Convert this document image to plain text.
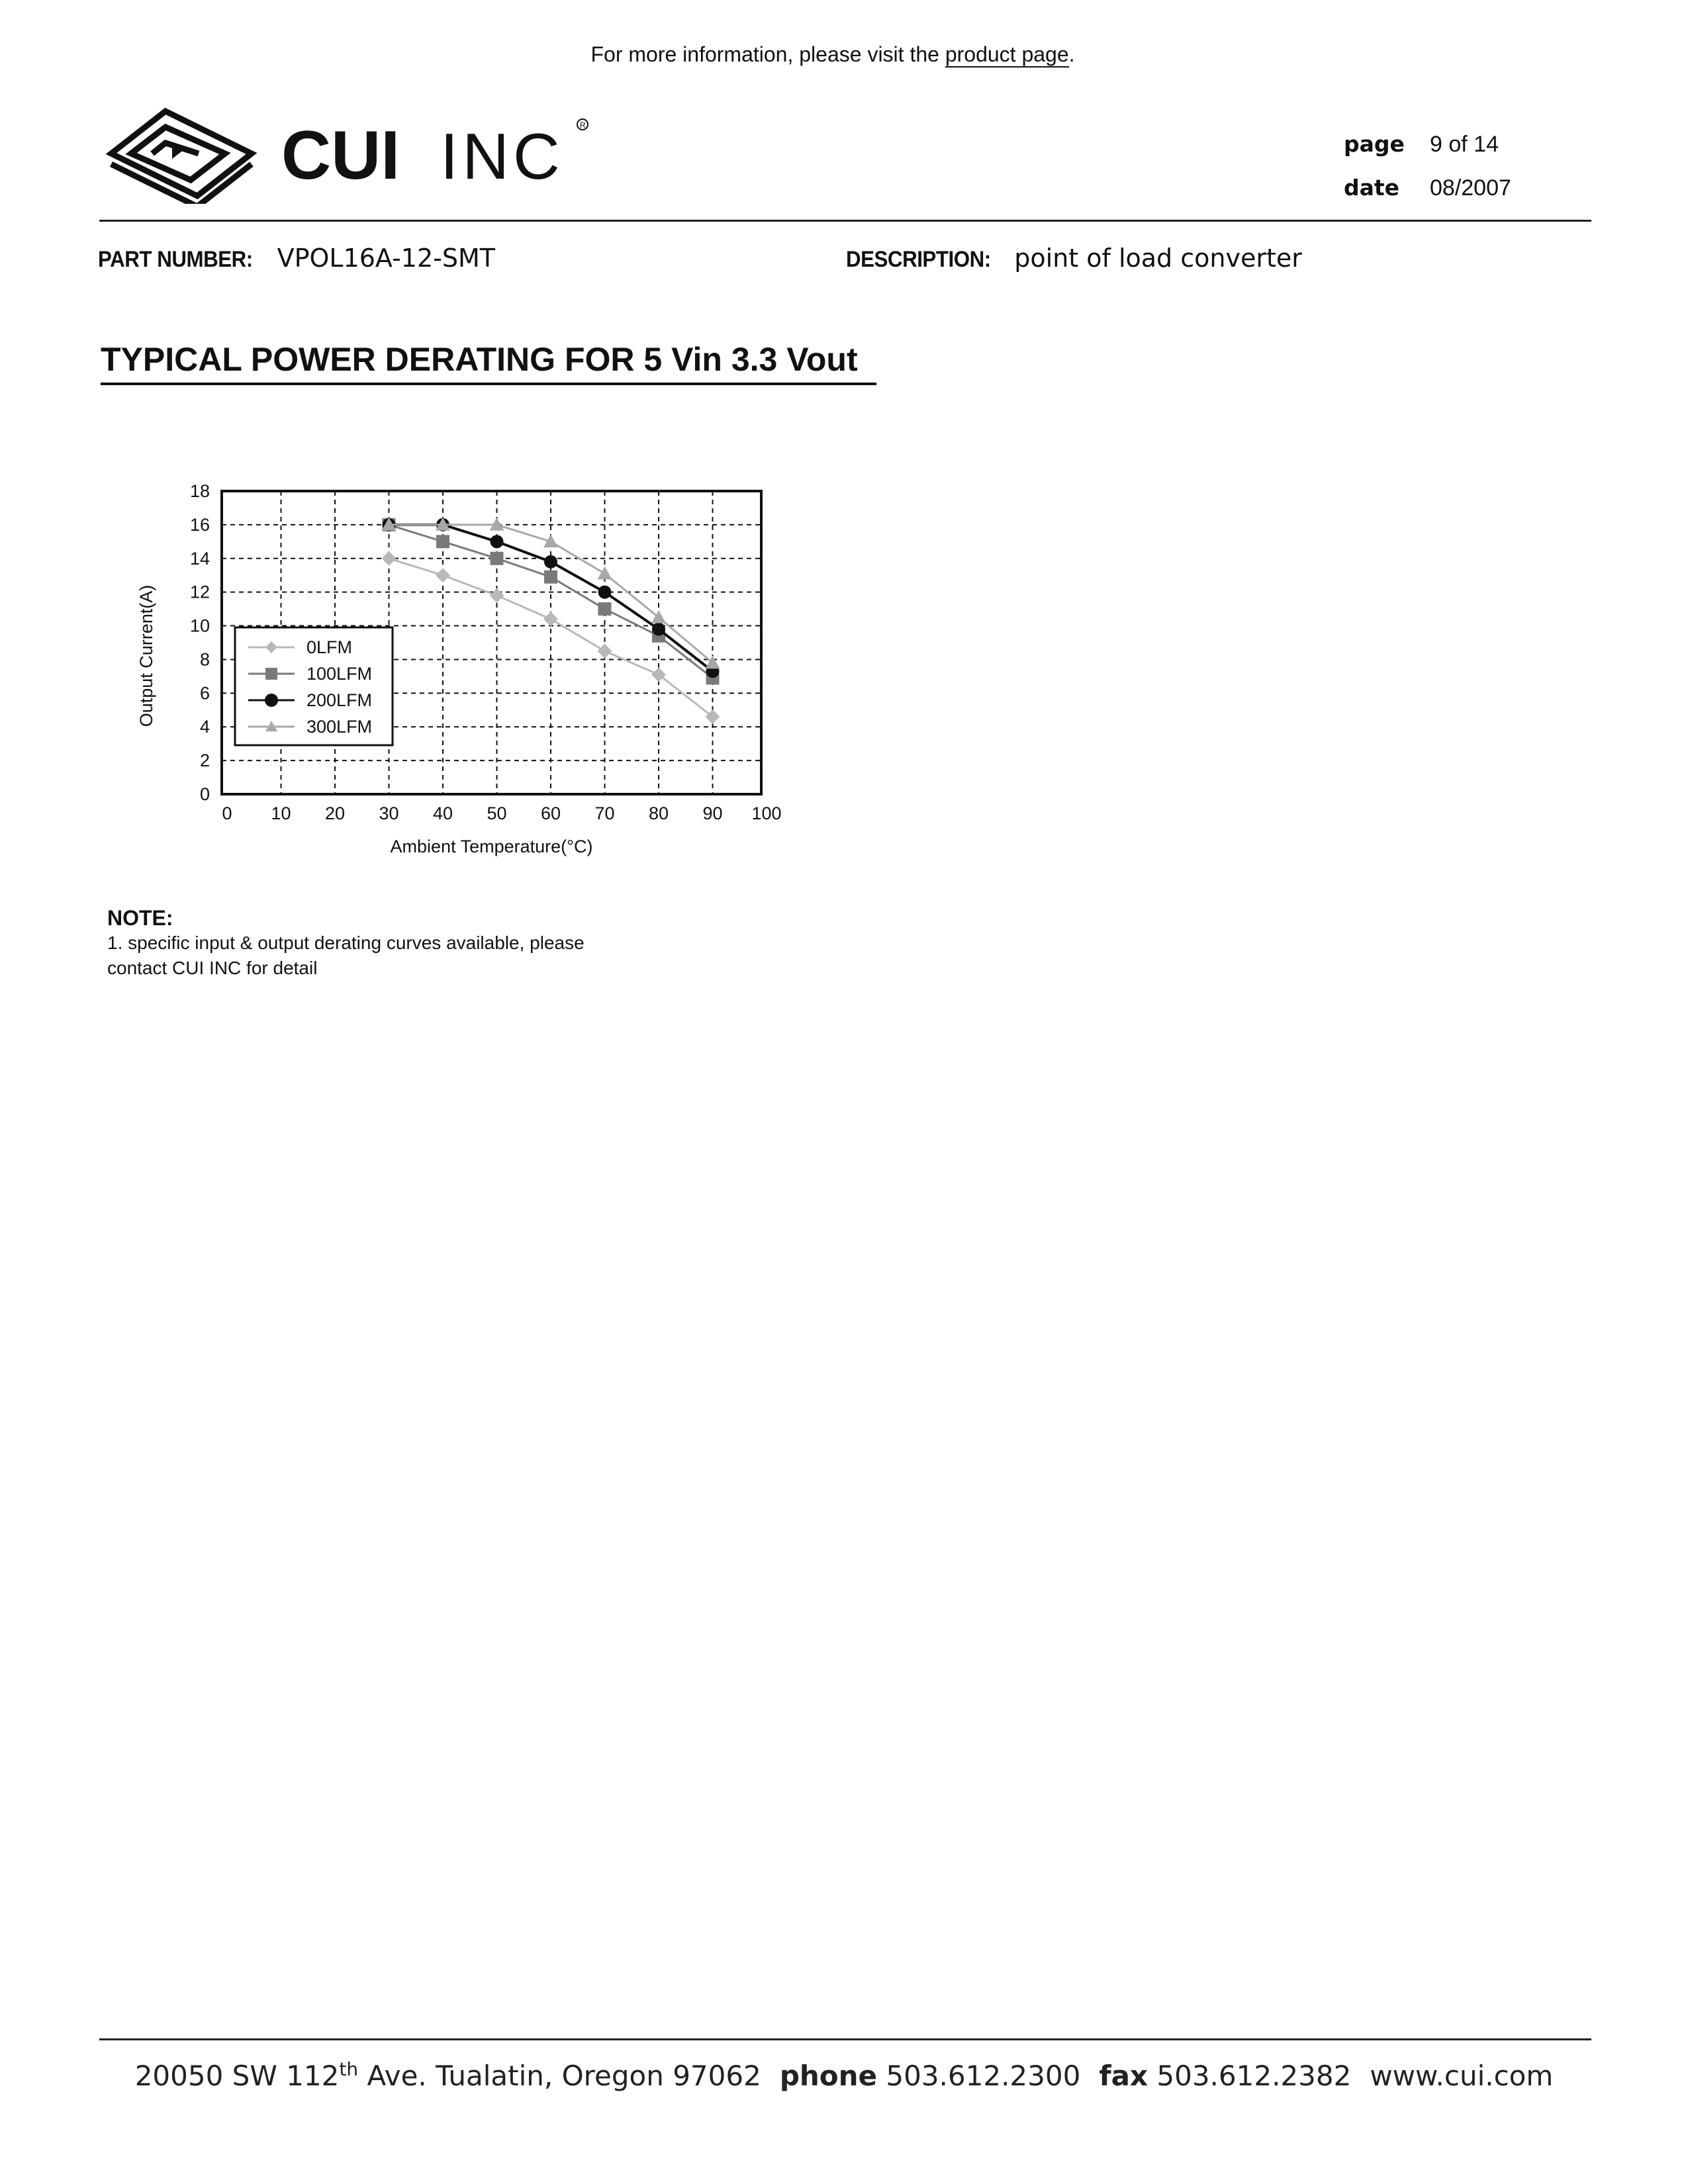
For more information, please visit the product page.
CUI INC R
page	9 of 14
date	08/2007
PART NUMBER: VPOL16A-12-SMT	DESCRIPTION: point of load converter
TYPICAL POWER DERATING FOR 5 Vin 3.3 Vout
0 10 20 30 40 50 60 70 80 90 100
0
2
4
6
8
10
12
14
16
18
Ambient Temperature(°C)
Output Current(A)	0LFM
100LFM
200LFM
300LFM
NOTE:
1. specific input & output derating curves available, please
contact CUI INC for detail
20050 SW 112th Ave. Tualatin, Oregon 97062 phone 503.612.2300 fax 503.612.2382 www.cui.com
